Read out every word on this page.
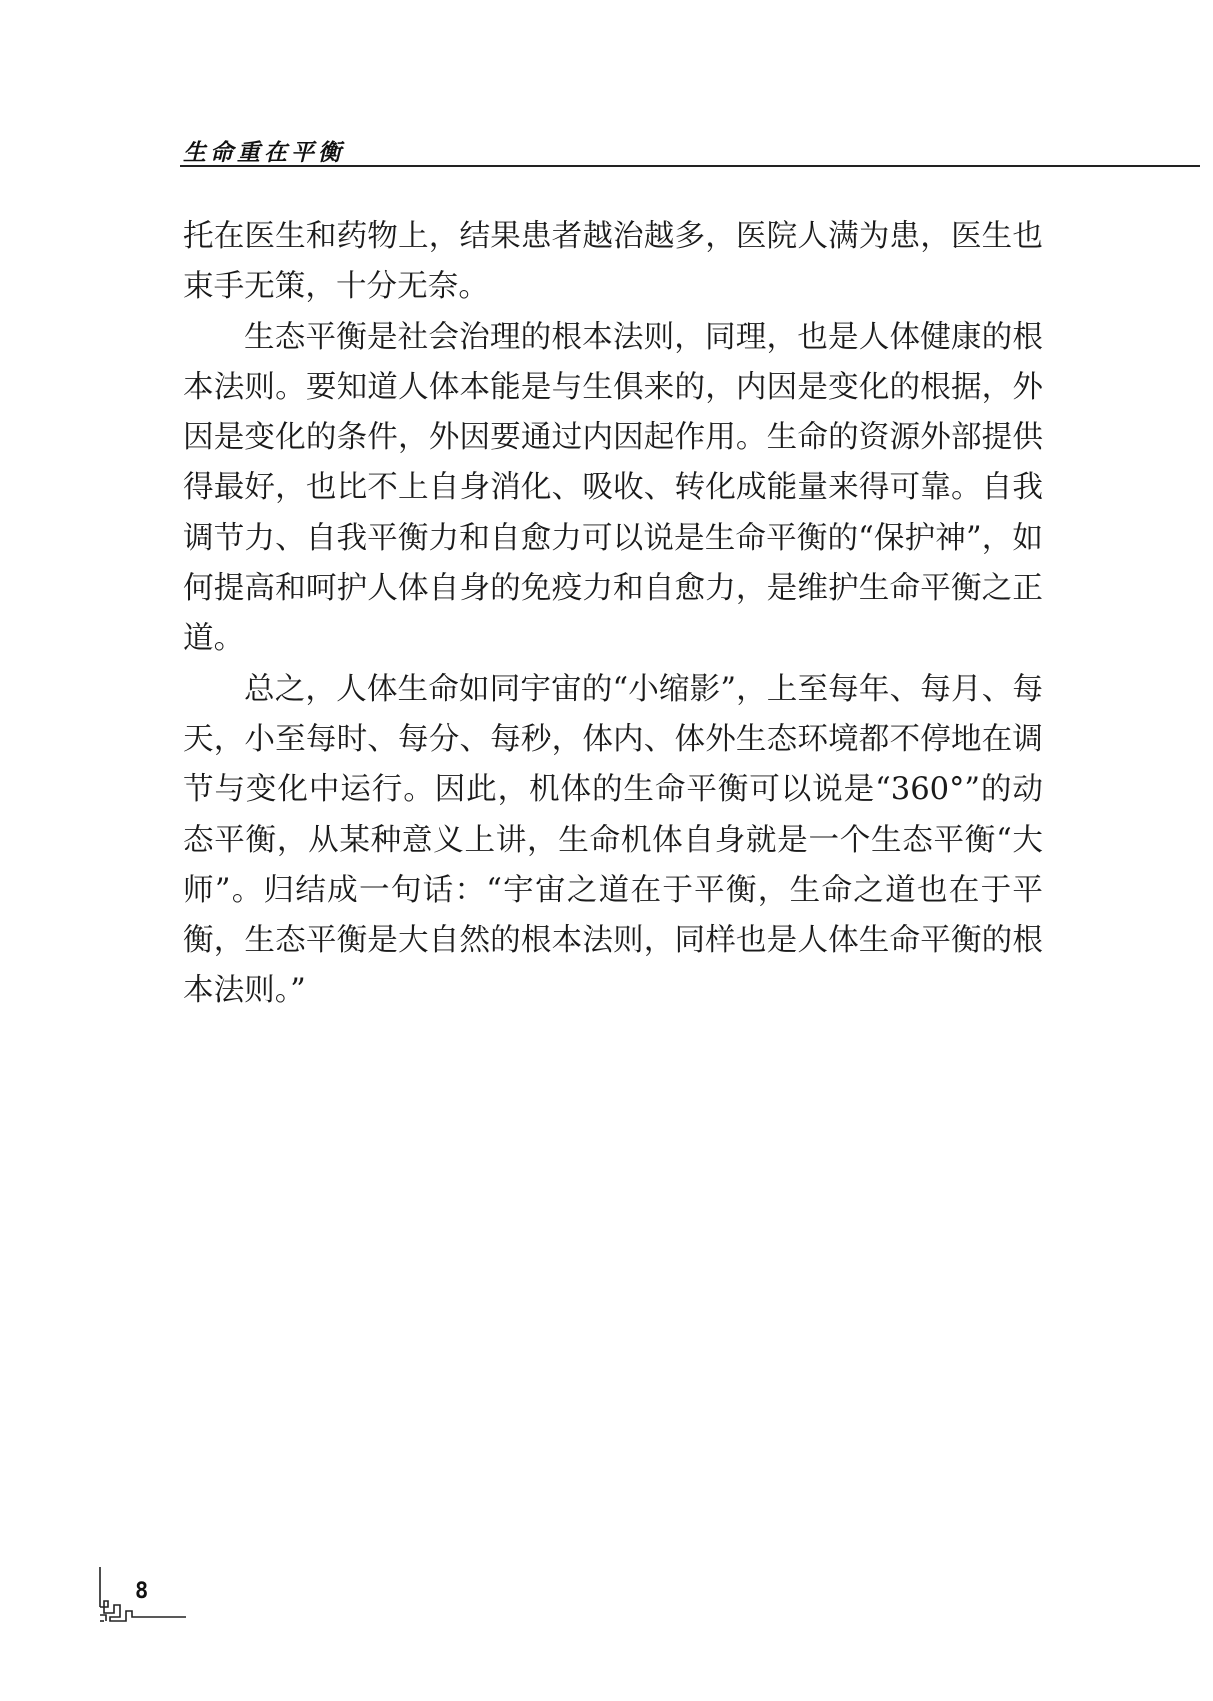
生命重在平衡

托在医生和药物上，结果患者越治越多，医院人满为患，医生也束手无策，十分无奈。

生态平衡是社会治理的根本法则，同理，也是人体健康的根本法则。要知道人体本能是与生俱来的，内因是变化的根据，外因是变化的条件，外因要通过内因起作用。生命的资源外部提供得最好，也比不上自身消化、吸收、转化成能量来得可靠。自我调节力、自我平衡力和自愈力可以说是生命平衡的“保护神”，如何提高和呵护人体自身的免疫力和自愈力，是维护生命平衡之正道。

总之，人体生命如同宇宙的“小缩影”，上至每年、每月、每天，小至每时、每分、每秒，体内、体外生态环境都不停地在调节与变化中运行。因此，机体的生命平衡可以说是“360°”的动态平衡，从某种意义上讲，生命机体自身就是一个生态平衡“大师”。归结成一句话：“宇宙之道在于平衡，生命之道也在于平衡，生态平衡是大自然的根本法则，同样也是人体生命平衡的根本法则。”

8
